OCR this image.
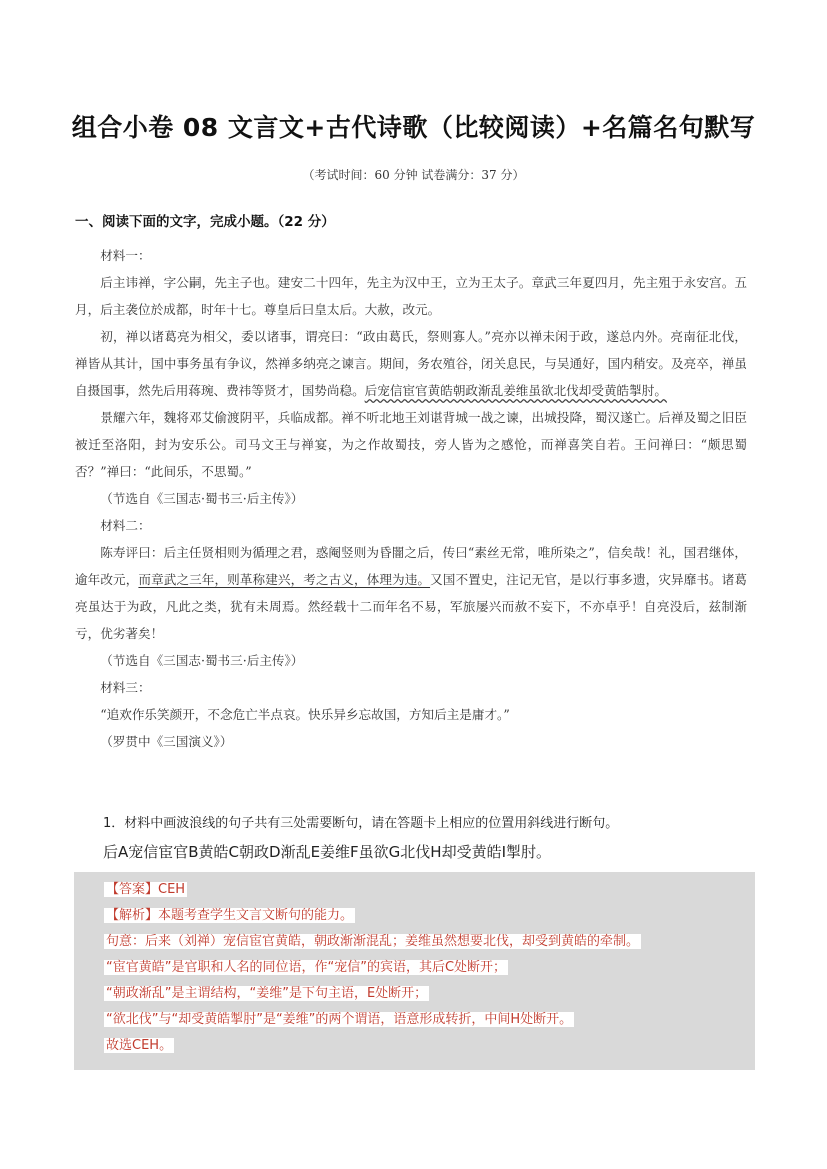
组合小卷 08 文言文+古代诗歌（比较阅读）+名篇名句默写
（考试时间：60 分钟 试卷满分：37 分）
一、阅读下面的文字，完成小题。（22 分）

材料一：

后主讳禅，字公嗣，先主子也。建安二十四年，先主为汉中王，立为王太子。章武三年夏四月，先主殂于永安宫。五月，后主袭位於成都，时年十七。尊皇后曰皇太后。大赦，改元。

初，禅以诸葛亮为相父，委以诸事，谓亮曰：“政由葛氏，祭则寡人。”亮亦以禅未闲于政，遂总内外。亮南征北伐，禅皆从其计，国中事务虽有争议，然禅多纳亮之谏言。期间，务农殖谷，闭关息民，与吴通好，国内稍安。及亮卒，禅虽自摄国事，然先后用蒋琬、费祎等贤才，国势尚稳。后宠信宦官黄皓朝政渐乱姜维虽欲北伐却受黄皓掣肘。

景耀六年，魏将邓艾偷渡阴平，兵临成都。禅不听北地王刘谌背城一战之谏，出城投降，蜀汉遂亡。后禅及蜀之旧臣被迁至洛阳，封为安乐公。司马文王与禅宴，为之作故蜀技，旁人皆为之感怆，而禅喜笑自若。王问禅曰：“颇思蜀否？”禅曰：“此间乐，不思蜀。”

（节选自《三国志·蜀书三·后主传》）

材料二：

陈寿评曰：后主任贤相则为循理之君，惑阉竖则为昏闇之后，传曰“素丝无常，唯所染之”，信矣哉！礼，国君继体，逾年改元，而章武之三年，则革称建兴，考之古义，体理为违。又国不置史，注记无官，是以行事多遗，灾异靡书。诸葛亮虽达于为政，凡此之类，犹有未周焉。然经载十二而年名不易，军旅屡兴而赦不妄下，不亦卓乎！自亮没后，兹制渐亏，优劣著矣！

（节选自《三国志·蜀书三·后主传》）

材料三：

“追欢作乐笑颜开，不念危亡半点哀。快乐异乡忘故国，方知后主是庸才。”

（罗贯中《三国演义》）

1．材料中画波浪线的句子共有三处需要断句，请在答题卡上相应的位置用斜线进行断句。
后A宠信宦官B黄皓C朝政D渐乱E姜维F虽欲G北伐H却受黄皓I掣肘。
【答案】CEH
【解析】本题考查学生文言文断句的能力。
句意：后来（刘禅）宠信宦官黄皓，朝政渐渐混乱；姜维虽然想要北伐，却受到黄皓的牵制。
“宦官黄皓”是官职和人名的同位语，作“宠信”的宾语，其后C处断开；
“朝政渐乱”是主谓结构，“姜维”是下句主语，E处断开；
“欲北伐”与“却受黄皓掣肘”是“姜维”的两个谓语，语意形成转折，中间H处断开。
故选CEH。
